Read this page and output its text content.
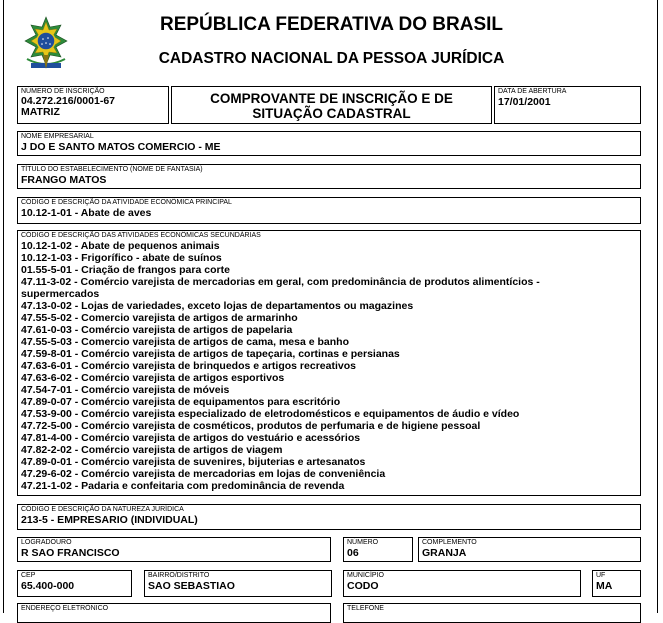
REPÚBLICA FEDERATIVA DO BRASIL
CADASTRO NACIONAL DA PESSOA JURÍDICA
NÚMERO DE INSCRIÇÃO
04.272.216/0001-67
MATRIZ
COMPROVANTE DE INSCRIÇÃO E DE
SITUAÇÃO CADASTRAL
DATA DE ABERTURA
17/01/2001
NOME EMPRESARIAL
J DO E SANTO MATOS COMERCIO - ME
TÍTULO DO ESTABELECIMENTO (NOME DE FANTASIA)
FRANGO MATOS
CÓDIGO E DESCRIÇÃO DA ATIVIDADE ECONÔMICA PRINCIPAL
10.12-1-01 - Abate de aves
CÓDIGO E DESCRIÇÃO DAS ATIVIDADES ECONÔMICAS SECUNDÁRIAS
10.12-1-02 - Abate de pequenos animais
10.12-1-03 - Frigorífico - abate de suínos
01.55-5-01 - Criação de frangos para corte
47.11-3-02 - Comércio varejista de mercadorias em geral, com predominância de produtos alimentícios -
supermercados
47.13-0-02 - Lojas de variedades, exceto lojas de departamentos ou magazines
47.55-5-02 - Comercio varejista de artigos de armarinho
47.61-0-03 - Comércio varejista de artigos de papelaria
47.55-5-03 - Comercio varejista de artigos de cama, mesa e banho
47.59-8-01 - Comércio varejista de artigos de tapeçaria, cortinas e persianas
47.63-6-01 - Comércio varejista de brinquedos e artigos recreativos
47.63-6-02 - Comércio varejista de artigos esportivos
47.54-7-01 - Comércio varejista de móveis
47.89-0-07 - Comércio varejista de equipamentos para escritório
47.53-9-00 - Comércio varejista especializado de eletrodomésticos e equipamentos de áudio e vídeo
47.72-5-00 - Comércio varejista de cosméticos, produtos de perfumaria e de higiene pessoal
47.81-4-00 - Comércio varejista de artigos do vestuário e acessórios
47.82-2-02 - Comércio varejista de artigos de viagem
47.89-0-01 - Comércio varejista de suvenires, bijuterias e artesanatos
47.29-6-02 - Comércio varejista de mercadorias em lojas de conveniência
47.21-1-02 - Padaria e confeitaria com predominância de revenda
CÓDIGO E DESCRIÇÃO DA NATUREZA JURÍDICA
213-5 - EMPRESARIO (INDIVIDUAL)
LOGRADOURO
R SAO FRANCISCO
NÚMERO
06
COMPLEMENTO
GRANJA
CEP
65.400-000
BAIRRO/DISTRITO
SAO SEBASTIAO
MUNICÍPIO
CODO
UF
MA
ENDEREÇO ELETRÔNICO	TELEFONE
